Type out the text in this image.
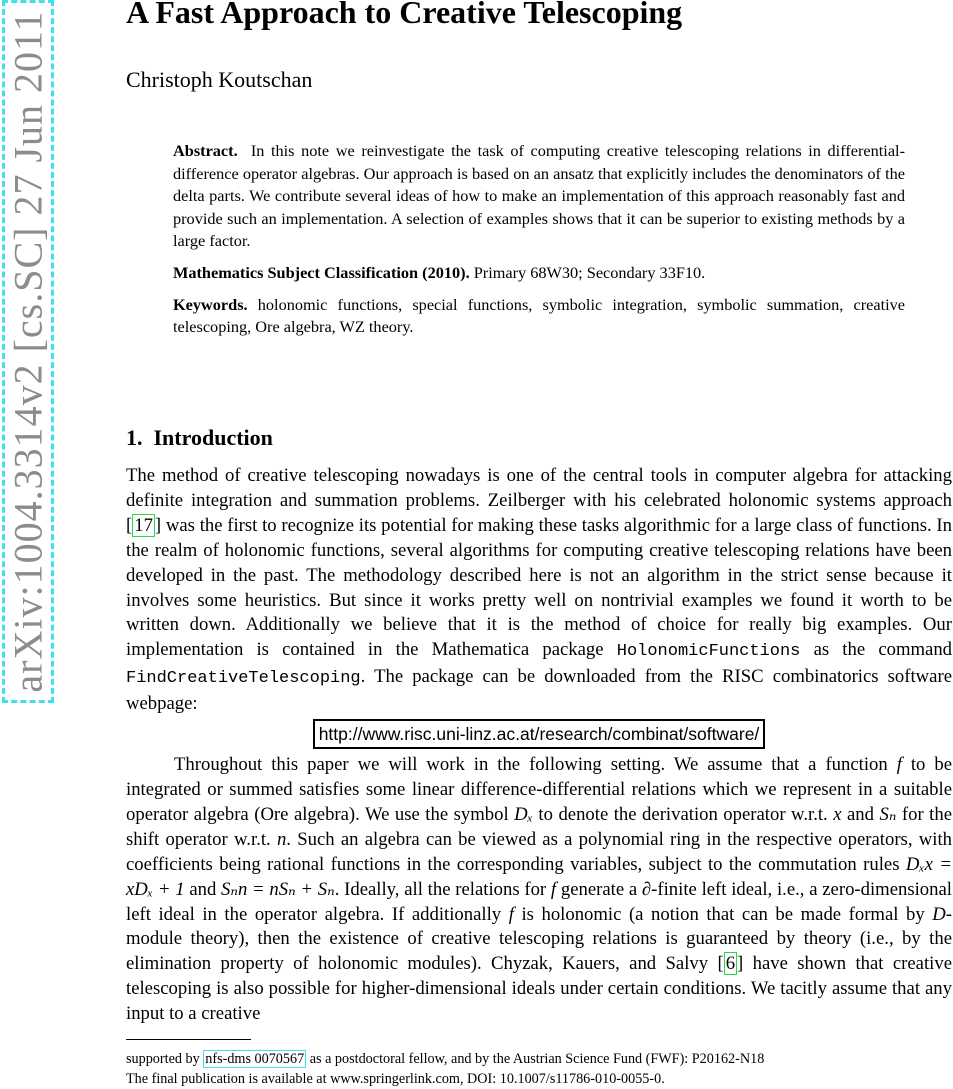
arXiv:1004.3314v2 [cs.SC] 27 Jun 2011 A Fast Approach to Creative Telescoping
Christoph Koutschan

Abstract. In this note we reinvestigate the task of computing creative telescoping relations in differential-difference operator algebras. Our approach is based on an ansatz that explicitly includes the denominators of the delta parts. We contribute several ideas of how to make an implementation of this approach reasonably fast and provide such an implementation. A selection of examples shows that it can be superior to existing methods by a large factor.

Mathematics Subject Classification (2010). Primary 68W30; Secondary 33F10.

Keywords. holonomic functions, special functions, symbolic integration, symbolic summation, creative telescoping, Ore algebra, WZ theory.

1. Introduction

The method of creative telescoping nowadays is one of the central tools in computer algebra for attacking definite integration and summation problems. Zeilberger with his celebrated holonomic systems approach [ 17 ] was the first to recognize its potential for making these tasks algorithmic for a large class of functions. In the realm of holonomic functions, several algorithms for computing creative telescoping relations have been developed in the past. The methodology described here is not an algorithm in the strict sense because it involves some heuristics. But since it works pretty well on nontrivial examples we found it worth to be written down. Additionally we believe that it is the method of choice for really big examples. Our implementation is contained in the Mathematica package HolonomicFunctions as the command FindCreativeTelescoping. The package can be downloaded from the RISC combinatorics software webpage:

http://www.risc.uni-linz.ac.at/research/combinat/software/

Throughout this paper we will work in the following setting. We assume that a function f to be integrated or summed satisfies some linear difference-differential relations which we represent in a suitable operator algebra (Ore algebra). We use the symbol Dₓ to denote the derivation operator w.r.t. x and Sₙ for the shift operator w.r.t. n. Such an algebra can be viewed as a polynomial ring in the respective operators, with coefficients being rational functions in the corresponding variables, subject to the commutation rules Dₓx = xDₓ + 1 and Sₙn = nSₙ + Sₙ. Ideally, all the relations for f generate a ∂-finite left ideal, i.e., a zero-dimensional left ideal in the operator algebra. If additionally f is holonomic (a notion that can be made formal by D-module theory), then the existence of creative telescoping relations is guaranteed by theory (i.e., by the elimination property of holonomic modules). Chyzak, Kauers, and Salvy [ 6 ] have shown that creative telescoping is also possible for higher-dimensional ideals under certain conditions. We tacitly assume that any input to a creative

supported by nfs-dms 0070567 as a postdoctoral fellow, and by the Austrian Science Fund (FWF): P20162-N18

The final publication is available at www.springerlink.com, DOI: 10.1007/s11786-010-0055-0.
